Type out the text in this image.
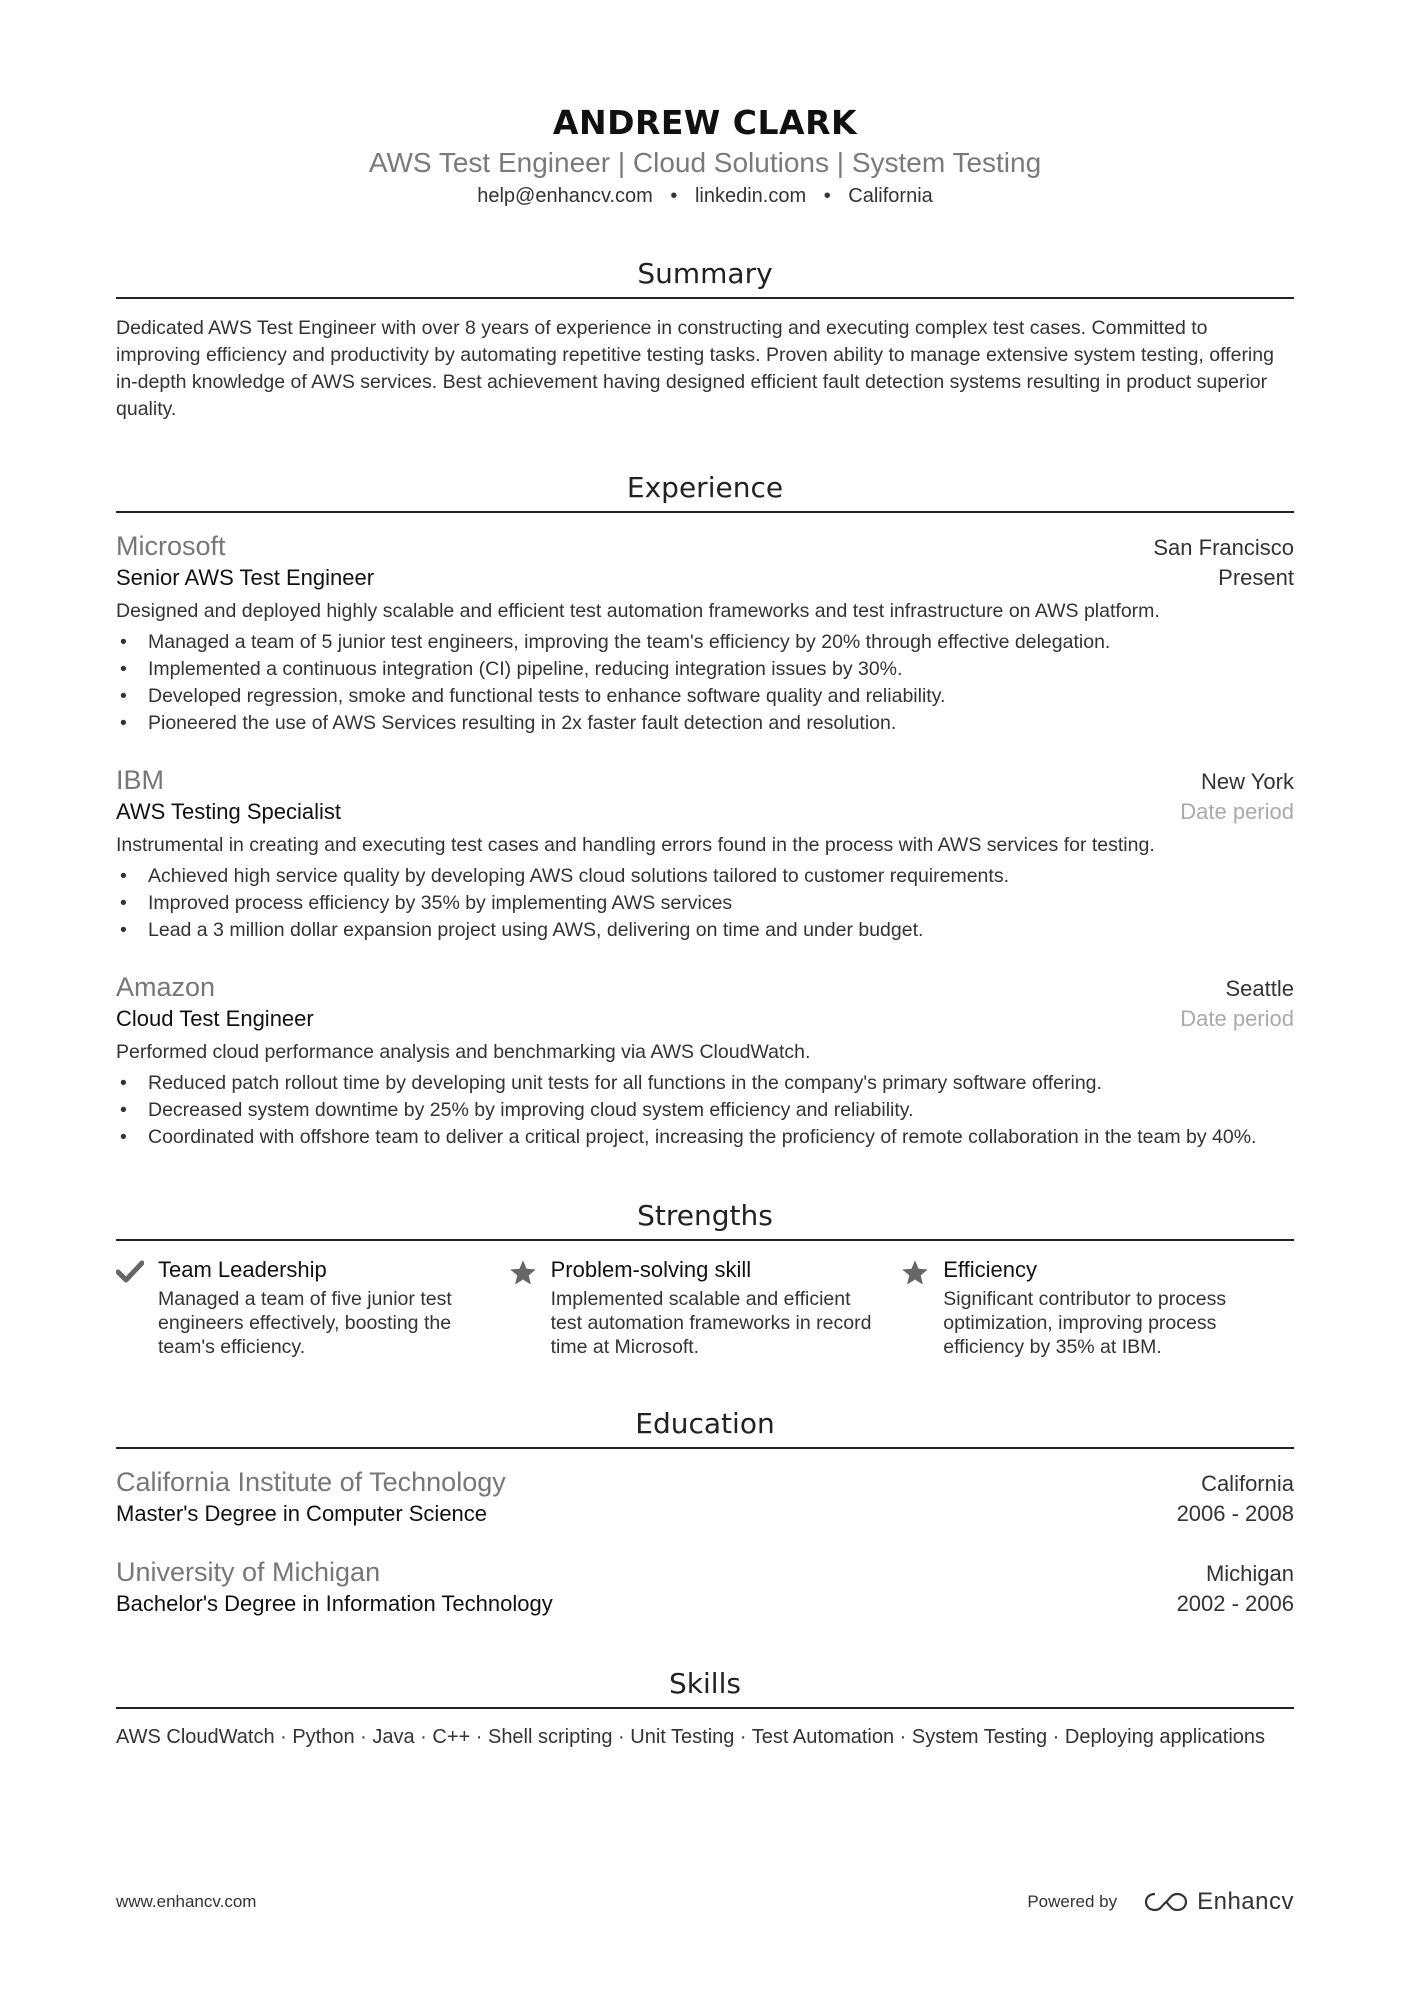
ANDREW CLARK
AWS Test Engineer | Cloud Solutions | System Testing
help@enhancv.com • linkedin.com • California
Summary
Dedicated AWS Test Engineer with over 8 years of experience in constructing and executing complex test cases. Committed to improving efficiency and productivity by automating repetitive testing tasks. Proven ability to manage extensive system testing, offering in-depth knowledge of AWS services. Best achievement having designed efficient fault detection systems resulting in product superior quality.
Experience
Microsoft	San Francisco
Senior AWS Test Engineer	Present
Designed and deployed highly scalable and efficient test automation frameworks and test infrastructure on AWS platform.
• Managed a team of 5 junior test engineers, improving the team's efficiency by 20% through effective delegation.
• Implemented a continuous integration (CI) pipeline, reducing integration issues by 30%.
• Developed regression, smoke and functional tests to enhance software quality and reliability.
• Pioneered the use of AWS Services resulting in 2x faster fault detection and resolution.
IBM	New York
AWS Testing Specialist	Date period
Instrumental in creating and executing test cases and handling errors found in the process with AWS services for testing.
• Achieved high service quality by developing AWS cloud solutions tailored to customer requirements.
• Improved process efficiency by 35% by implementing AWS services
• Lead a 3 million dollar expansion project using AWS, delivering on time and under budget.
Amazon	Seattle
Cloud Test Engineer	Date period
Performed cloud performance analysis and benchmarking via AWS CloudWatch.
• Reduced patch rollout time by developing unit tests for all functions in the company's primary software offering.
• Decreased system downtime by 25% by improving cloud system efficiency and reliability.
• Coordinated with offshore team to deliver a critical project, increasing the proficiency of remote collaboration in the team by 40%.
Strengths
Team Leadership
Managed a team of five junior test engineers effectively, boosting the team's efficiency.
Problem-solving skill
Implemented scalable and efficient test automation frameworks in record time at Microsoft.
Efficiency
Significant contributor to process optimization, improving process efficiency by 35% at IBM.
Education
California Institute of Technology	California
Master's Degree in Computer Science	2006 - 2008
University of Michigan	Michigan
Bachelor's Degree in Information Technology	2002 - 2006
Skills
AWS CloudWatch · Python · Java · C++ · Shell scripting · Unit Testing · Test Automation · System Testing · Deploying applications
www.enhancv.com	Powered by	Enhancv
